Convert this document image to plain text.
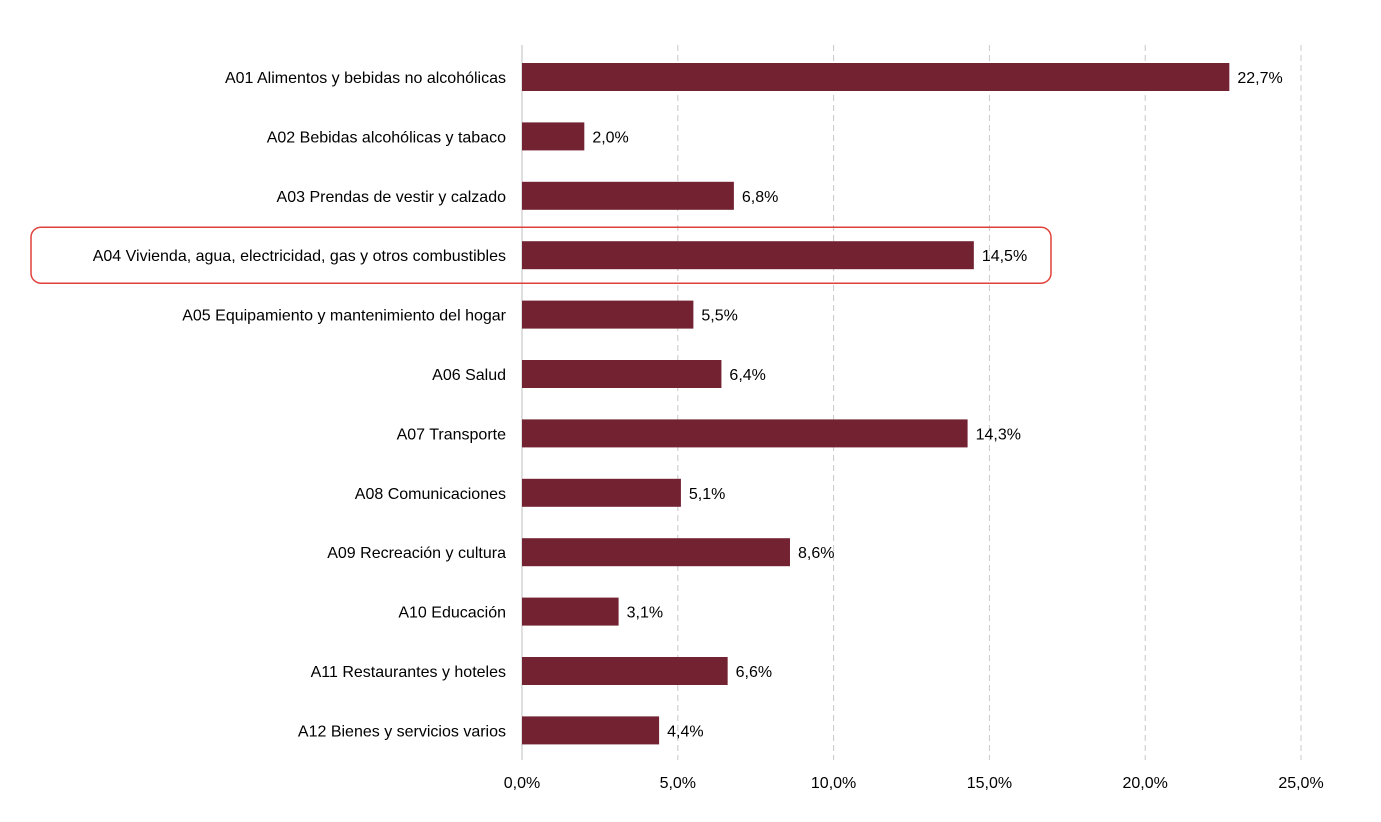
A01 Alimentos y bebidas no alcohólicas
A02 Bebidas alcohólicas y tabaco
A03 Prendas de vestir y calzado
A04 Vivienda, agua, electricidad, gas y otros combustibles
A05 Equipamiento y mantenimiento del hogar
A06 Salud
A07 Transporte
A08 Comunicaciones
A09 Recreación y cultura
A10 Educación
A11 Restaurantes y hoteles
A12 Bienes y servicios varios
22,7%
2,0%
6,8%
14,5%
5,5%
6,4%
14,3%
5,1%
8,6%
3,1%
6,6%
4,4%
0,0%	5,0%	10,0%	15,0%	20,0%	25,0%
